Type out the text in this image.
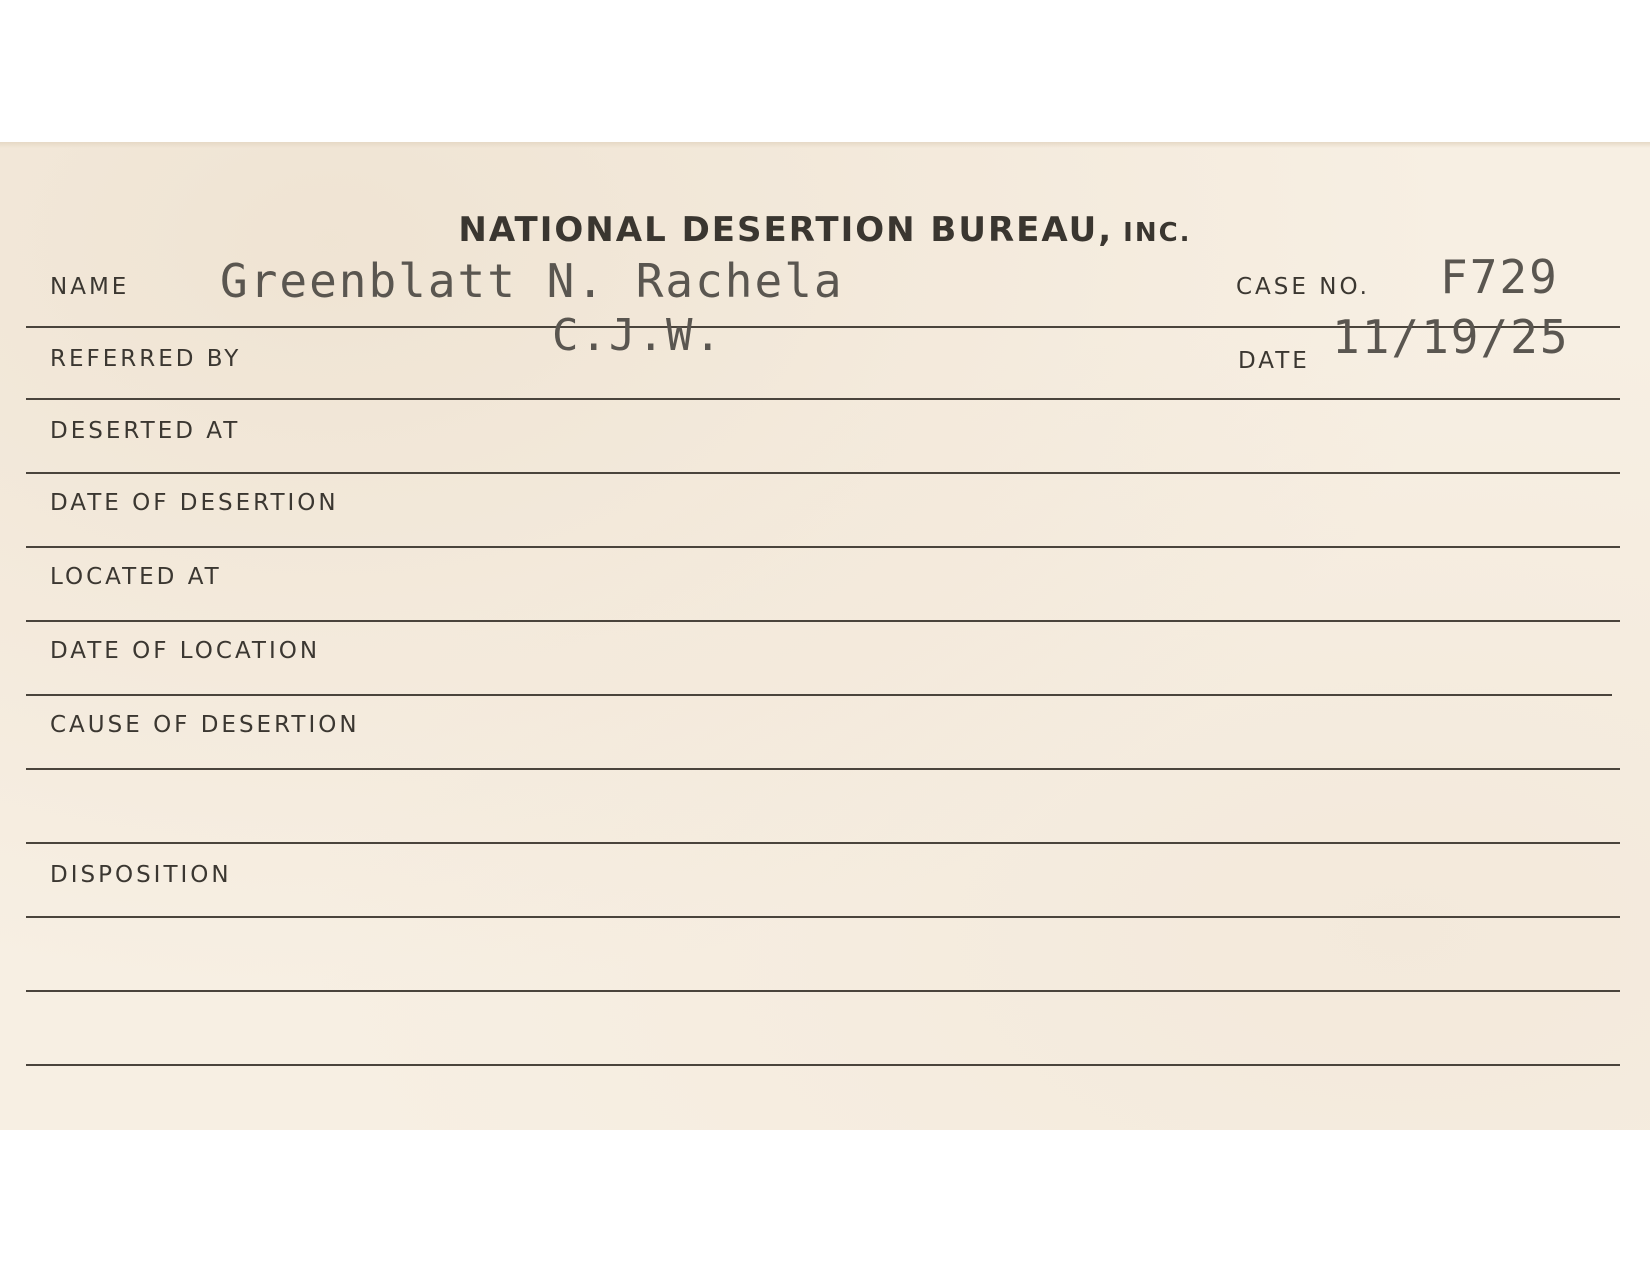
NATIONAL DESERTION BUREAU, INC.
NAME Greenblatt N. Rachela	CASE NO. F729
REFERRED BY	C.J.W.	DATE 11/19/25
DESERTED AT
DATE OF DESERTION
LOCATED AT
DATE OF LOCATION
CAUSE OF DESERTION
DISPOSITION
